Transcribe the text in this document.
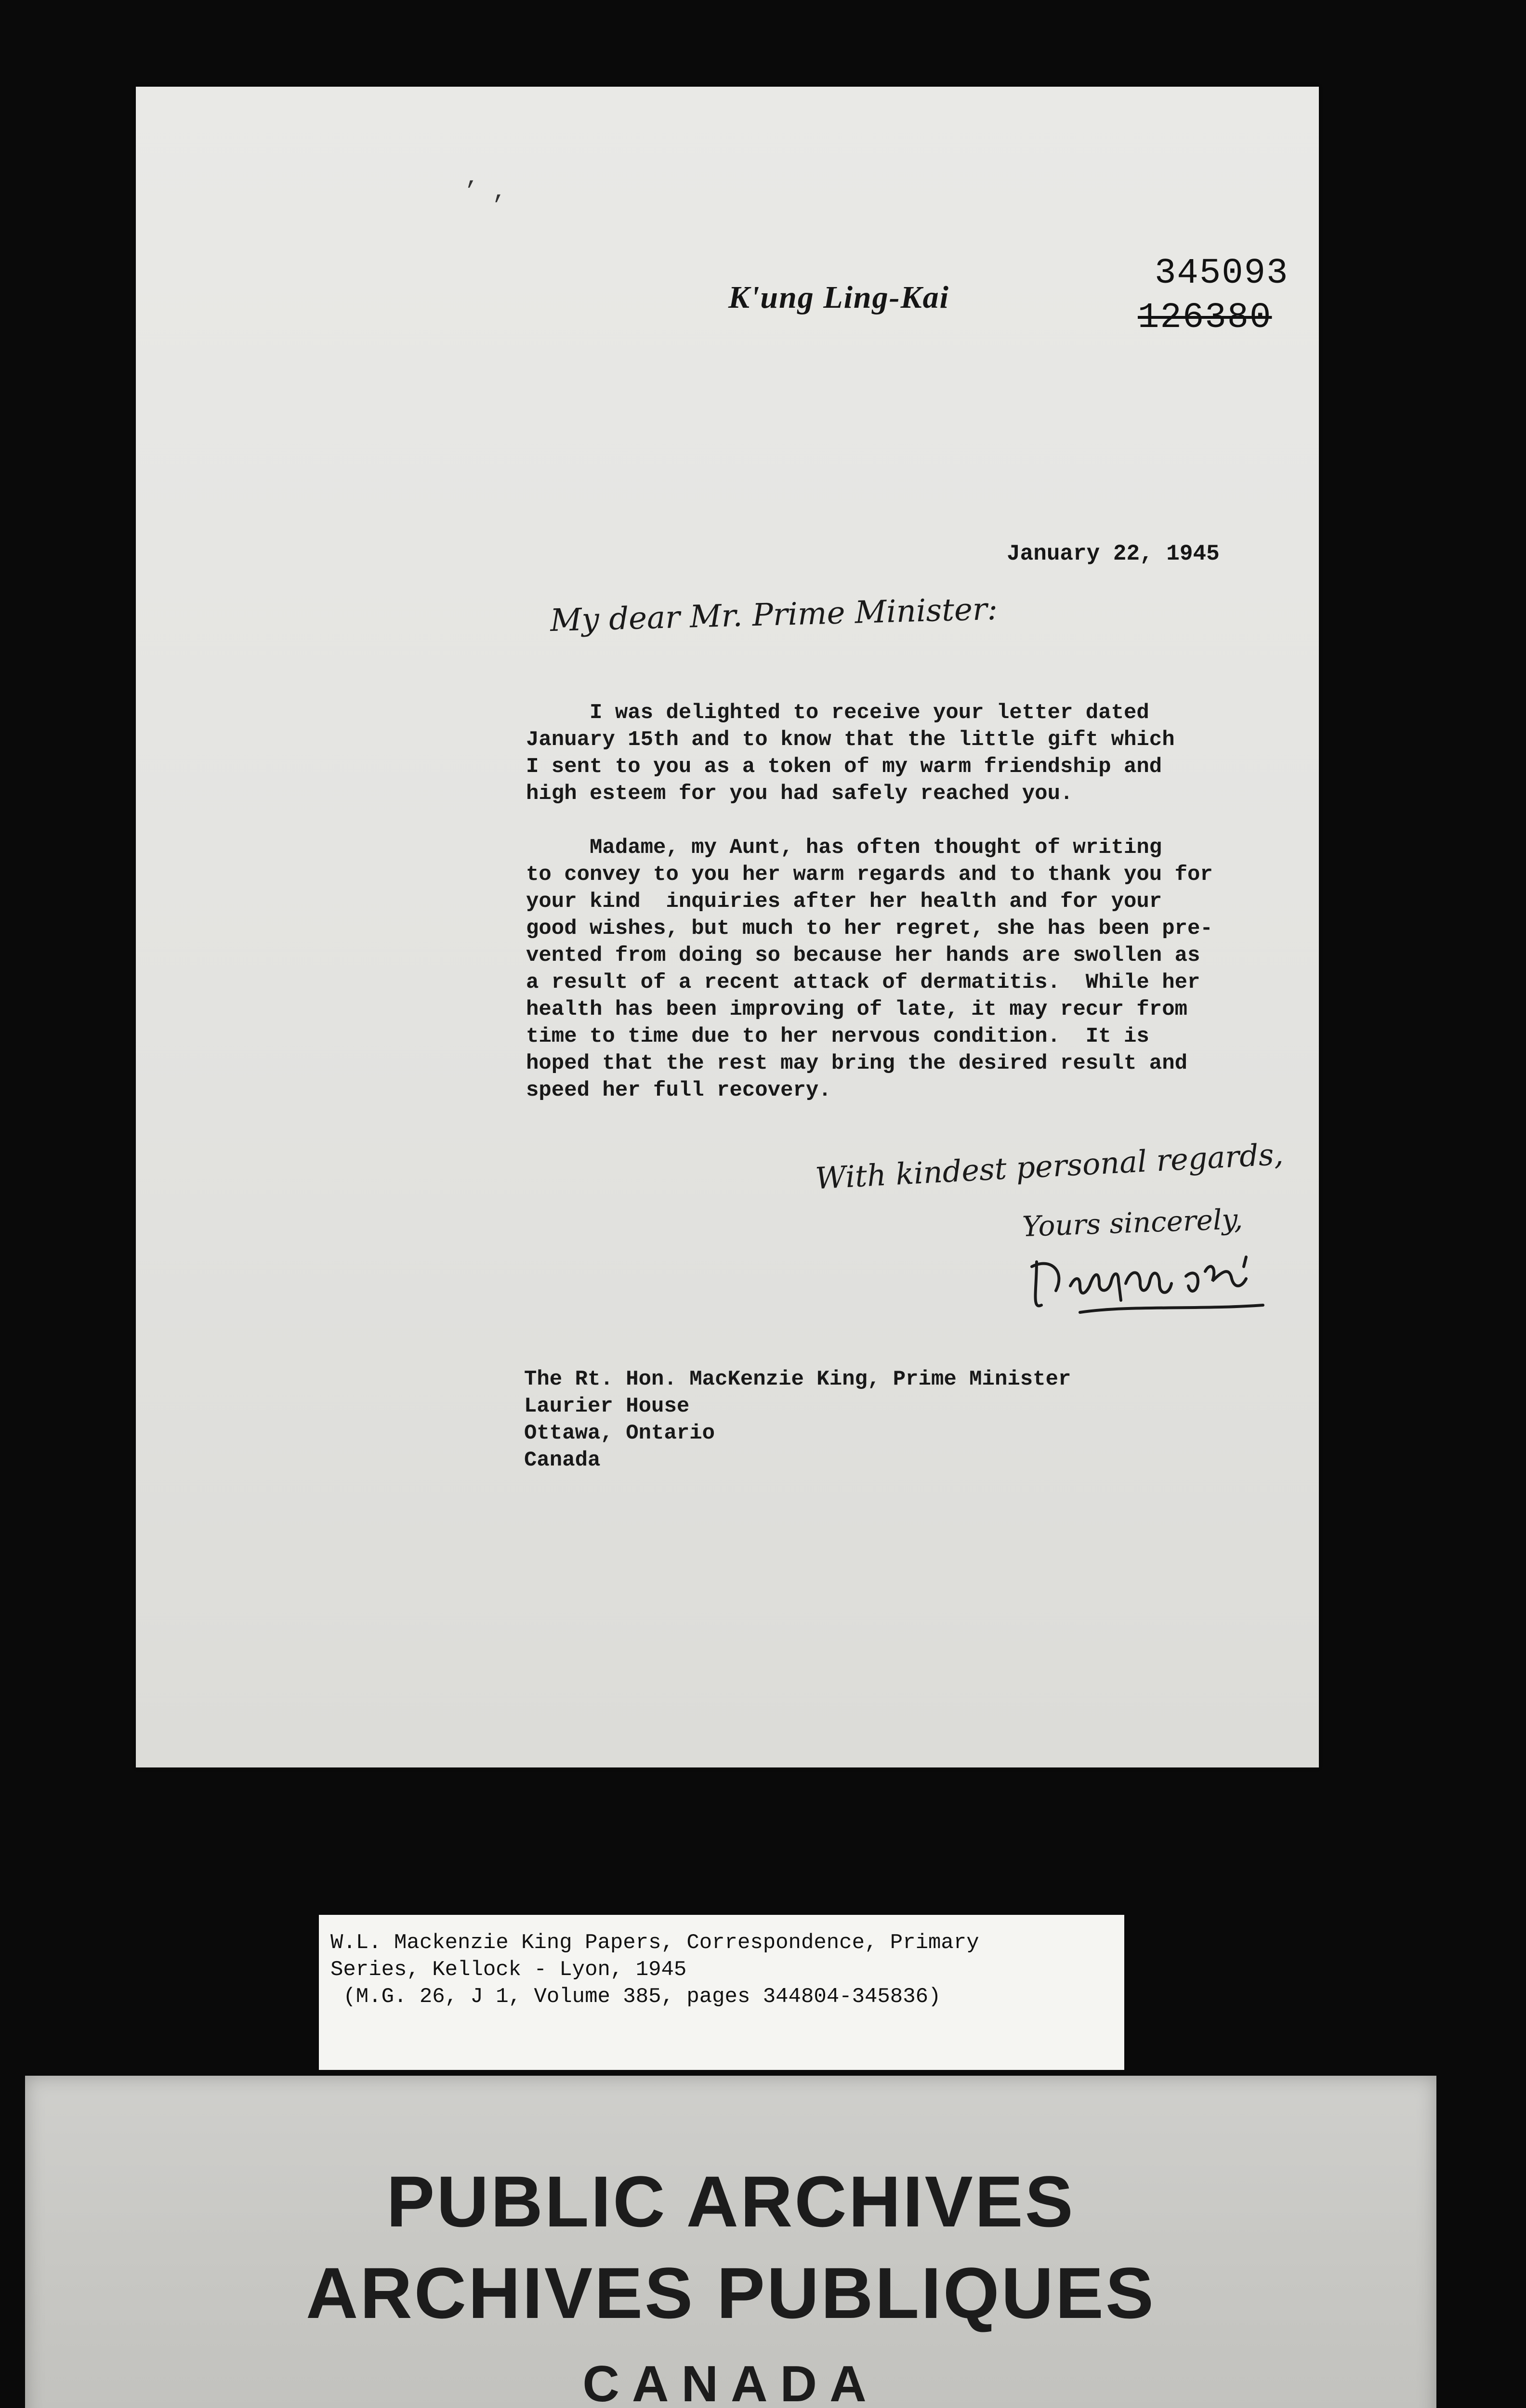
’ ,
K'ung Ling-Kai
345093
126380
January 22, 1945
My dear Mr. Prime Minister:
I was delighted to receive your letter dated
January 15th and to know that the little gift which
I sent to you as a token of my warm friendship and
high esteem for you had safely reached you.
Madame, my Aunt, has often thought of writing
to convey to you her warm regards and to thank you for
your kind  inquiries after her health and for your
good wishes, but much to her regret, she has been pre-
vented from doing so because her hands are swollen as
a result of a recent attack of dermatitis.  While her
health has been improving of late, it may recur from
time to time due to her nervous condition.  It is
hoped that the rest may bring the desired result and
speed her full recovery.
With kindest personal regards,
Yours sincerely,
The Rt. Hon. MacKenzie King, Prime Minister
Laurier House
Ottawa, Ontario
Canada
W.L. Mackenzie King Papers, Correspondence, Primary
Series, Kellock - Lyon, 1945
(M.G. 26, J 1, Volume 385, pages 344804-345836)
PUBLIC ARCHIVES
ARCHIVES PUBLIQUES
CANADA
